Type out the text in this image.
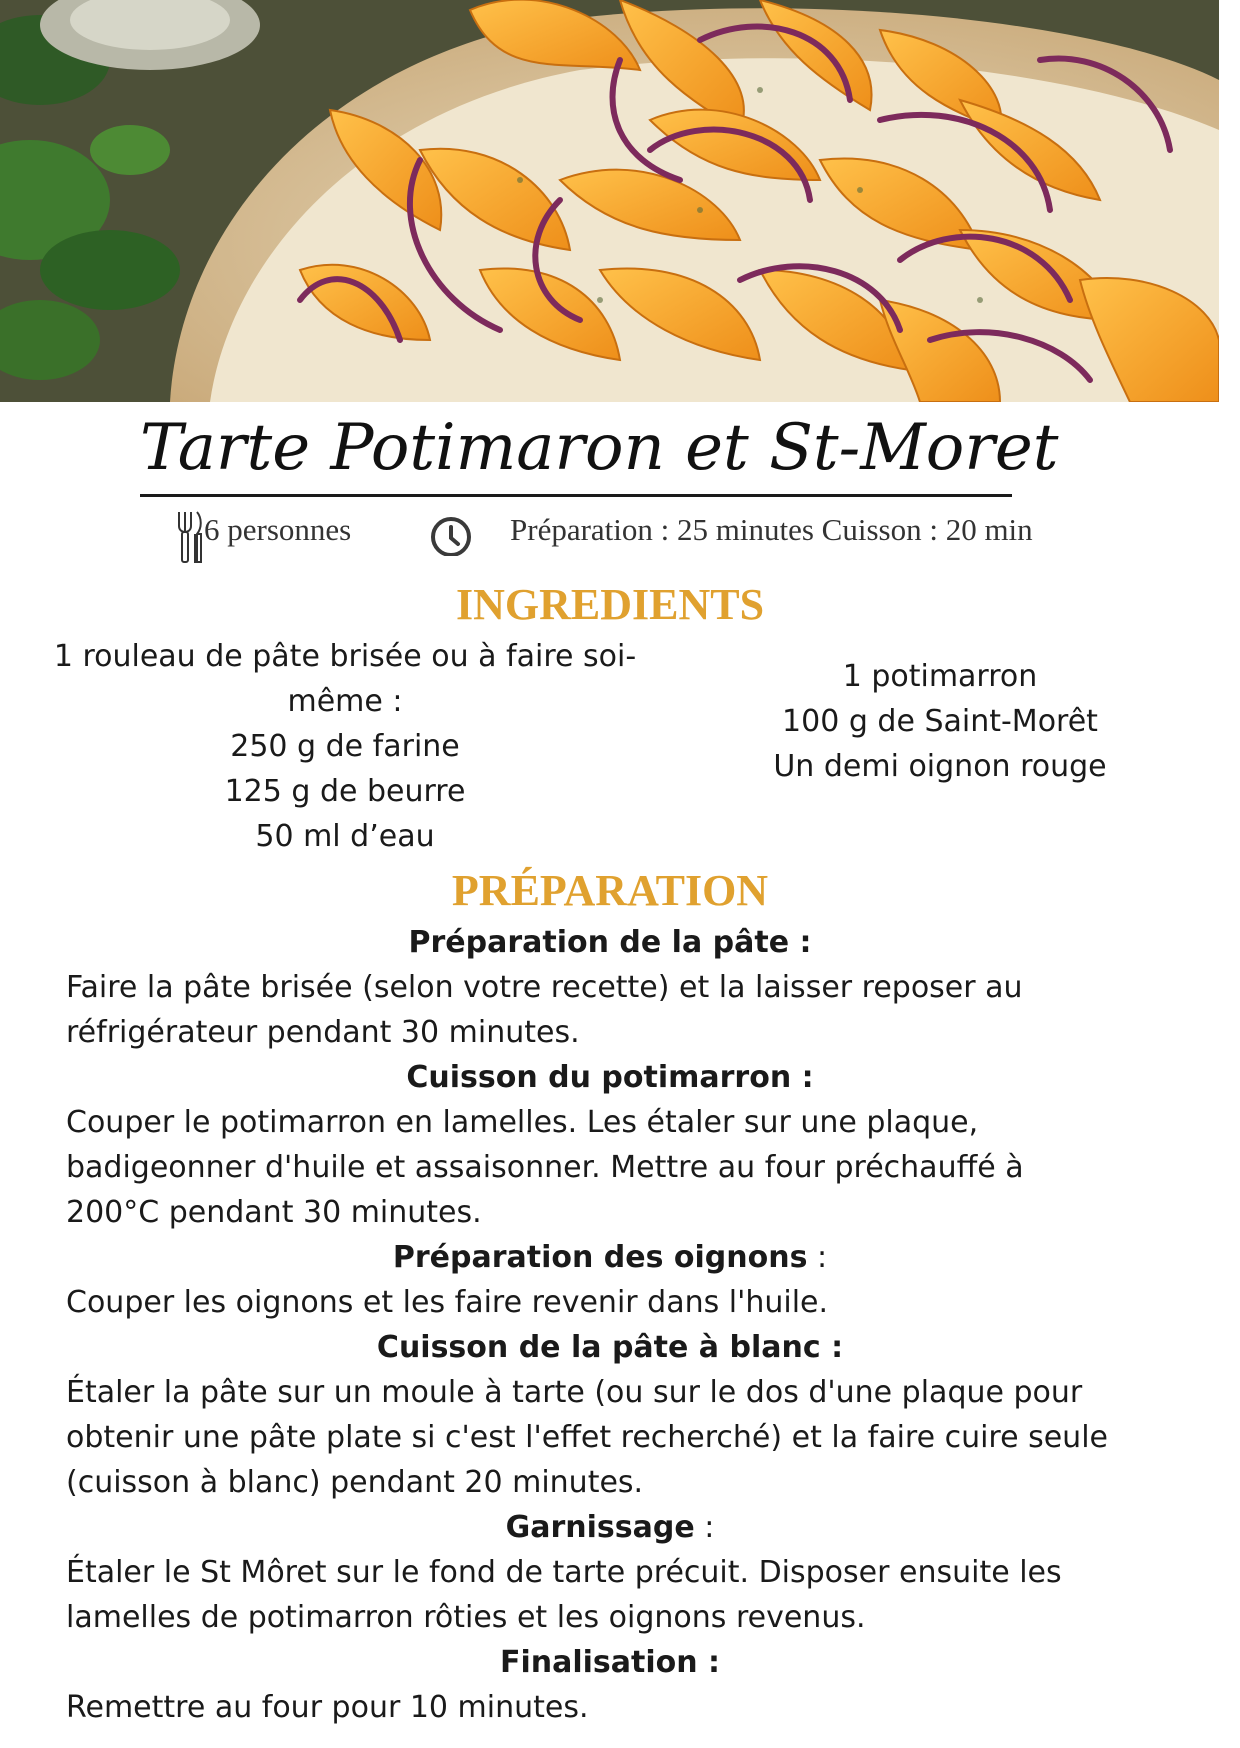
Tarte Potimaron et St-Moret
6 personnes	Préparation : 25 minutes Cuisson : 20 min
INGREDIENTS
1 rouleau de pâte brisée ou à faire soi-
même :
250 g de farine
125 g de beurre
50 ml d’eau
1 potimarron
100 g de Saint-Morêt
Un demi oignon rouge
PRÉPARATION
Préparation de la pâte :
Faire la pâte brisée (selon votre recette) et la laisser reposer au
réfrigérateur pendant 30 minutes.
Cuisson du potimarron :
Couper le potimarron en lamelles. Les étaler sur une plaque,
badigeonner d'huile et assaisonner. Mettre au four préchauffé à
200°C pendant 30 minutes.
Préparation des oignons :
Couper les oignons et les faire revenir dans l'huile.
Cuisson de la pâte à blanc :
Étaler la pâte sur un moule à tarte (ou sur le dos d'une plaque pour
obtenir une pâte plate si c'est l'effet recherché) et la faire cuire seule
(cuisson à blanc) pendant 20 minutes.
Garnissage :
Étaler le St Môret sur le fond de tarte précuit. Disposer ensuite les
lamelles de potimarron rôties et les oignons revenus.
Finalisation :
Remettre au four pour 10 minutes.
